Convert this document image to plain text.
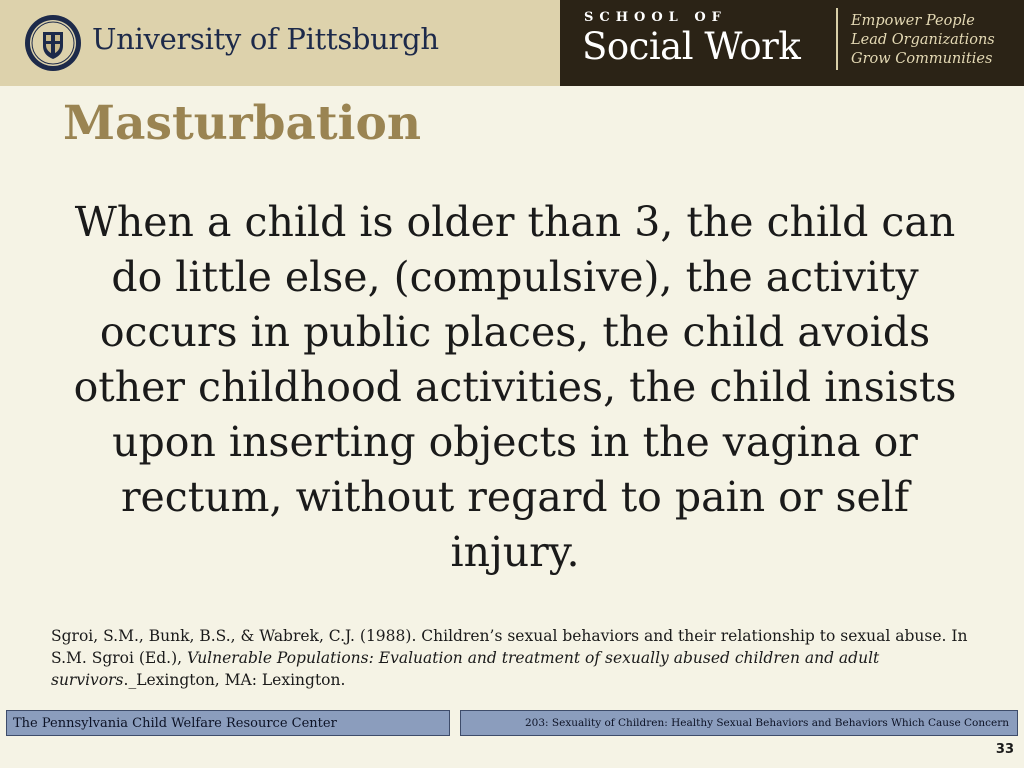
University of Pittsburgh
SCHOOL OF
Social Work
Empower People
Lead Organizations
Grow Communities
Masturbation

When a child is older than 3, the child can do little else, (compulsive), the activity occurs in public places, the child avoids other childhood activities, the child insists upon inserting objects in the vagina or rectum, without regard to pain or self injury.

Sgroi, S.M., Bunk, B.S., & Wabrek, C.J. (1988). Children’s sexual behaviors and their relationship to sexual abuse. In S.M. Sgroi (Ed.), Vulnerable Populations: Evaluation and treatment of sexually abused children and adult survivors._Lexington, MA: Lexington.

The Pennsylvania Child Welfare Resource Center	203: Sexuality of Children: Healthy Sexual Behaviors and Behaviors Which Cause Concern
33
